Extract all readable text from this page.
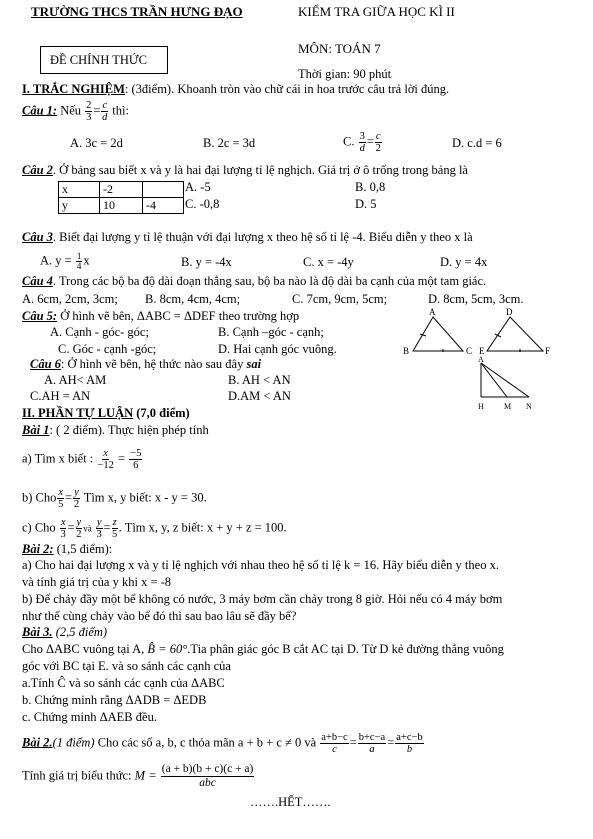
TRƯỜNG THCS TRẦN HƯNG ĐẠO	KIỂM TRA GIỮA HỌC KÌ II
ĐỀ CHÍNH THỨC
MÔN: TOÁN 7
Thời gian: 90 phút
I. TRẮC NGHIỆM: (3điểm). Khoanh tròn vào chữ cái in hoa trước câu trả lời đúng.
Câu 1: Nếu $\frac{2}{3} = \frac{c}{d}$ thì:
A. 3c = 2d	B. 2c = 3d	C. $\frac{3}{d} = \frac{c}{2}$	D. c.d = 6
Câu 2. Ở bảng sau biết x và y là hai đại lượng tỉ lệ nghịch. Giá trị ở ô trống trong bảng là
x	-2	
y	10	-4
A. -5	B. 0,8
C. -0,8	D. 5
Câu 3. Biết đại lượng y tỉ lệ thuận với đại lượng x theo hệ số tỉ lệ -4. Biểu diễn y theo x là
A. $y = \frac{1}{4}$ x	B. y = -4x	C. x = -4y	D. y = 4x
Câu 4. Trong các bộ ba độ dài đoạn thẳng sau, bộ ba nào là độ dài ba cạnh của một tam giác.
A. 6cm, 2cm, 3cm; B. 8cm, 4cm, 4cm;	C. 7cm, 9cm, 5cm;	D. 8cm, 5cm, 3cm.
Câu 5: Ở hình vẽ bên, ΔABC = ΔDEF theo trường hợp
A. Cạnh - góc- góc;	B. Cạnh –góc - cạnh;
C. Góc - cạnh -góc;	D. Hai cạnh góc vuông.
Câu 6: Ở hình vẽ bên, hệ thức nào sau đây sai
A. AH< AM	B. AH < AN
C.AH = AN	D.AM < AN
A
B	C
D
E	F
A
H	M N
II. PHẦN TỰ LUẬN (7,0 điểm)
Bài 1: ( 2 điểm). Thực hiện phép tính
a) Tìm x biết : $\frac{x}{-12} = \frac{-5}{6}$
b) Cho $\frac{x}{5} = \frac{y}{2}$ Tìm x, y biết: x - y = 30.
c) Cho $\frac{x}{3} = \frac{y}{2}$ và $\frac{y}{3} = \frac{z}{5}$ . Tìm x, y, z biết: x + y + z = 100.
Bài 2: (1,5 điểm):
a) Cho hai đại lượng x và y tỉ lệ nghịch với nhau theo hệ số tỉ lệ k = 16. Hãy biểu diễn y theo x.
và tính giá trị của y khi x = -8
b) Để chảy đầy một bể không có nước, 3 máy bơm cần chảy trong 8 giờ. Hỏi nếu có 4 máy bơm
như thế cùng chảy vào bể đó thì sau bao lâu sẽ đầy bể?
Bài 3. (2,5 điểm)
Cho ΔABC vuông tại A, B̂ = 60°.Tia phân giác góc B cắt AC tại D. Từ D kẻ đường thẳng vuông
góc với BC tại E. và so sánh các cạnh của
a.Tính Ĉ và so sánh các cạnh của ΔABC
b. Chứng minh rằng ΔADB = ΔEDB
c. Chứng minh ΔAEB đều.
Bài 2.(1 điểm) Cho các số a, b, c thỏa mãn a + b + c ≠ 0 và $\frac{a+b-c}{c} = \frac{b+c-a}{a} = \frac{a+c-b}{b}$
Tính giá trị biểu thức: $M = \frac{(a + b)(b + c)(c + a)}{\text{abc}}$
…….HẾT…….
